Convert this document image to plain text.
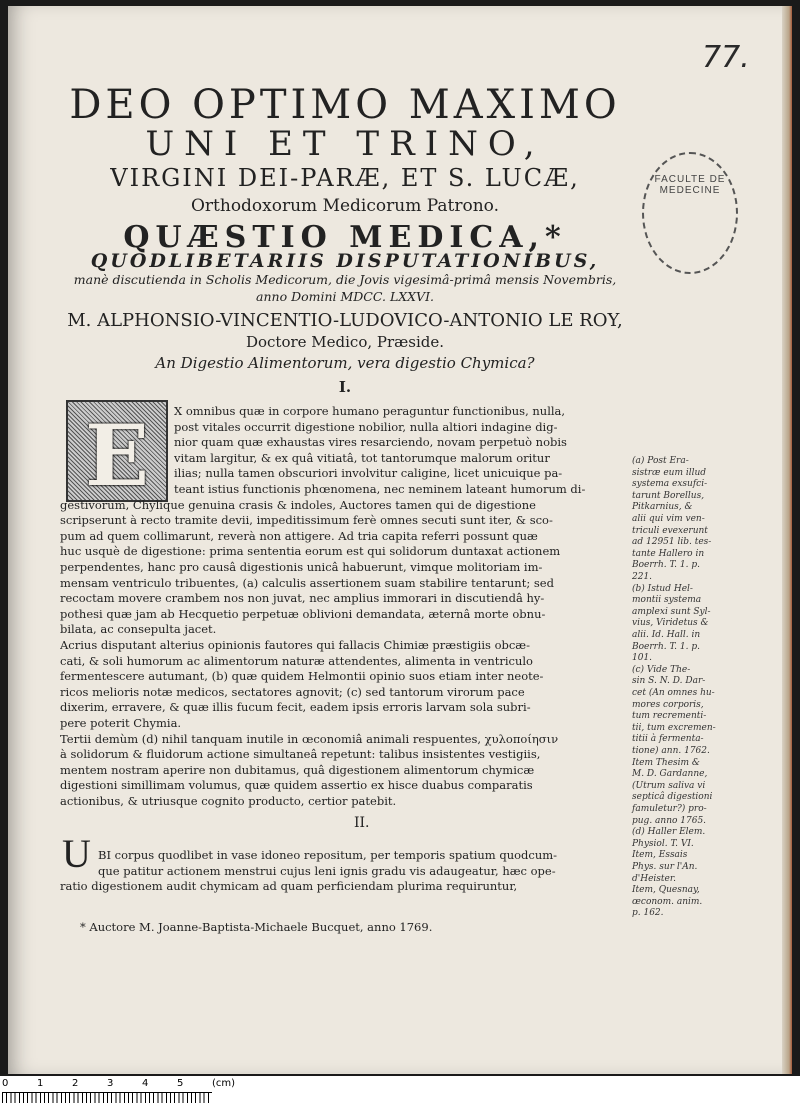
77.
FACULTE DE MEDECINE
DEO OPTIMO MAXIMO
UNI ET TRINO,
VIRGINI DEI-PARÆ, ET S. LUCÆ,
Orthodoxorum Medicorum Patrono.
QUÆSTIO MEDICA,*
QUODLIBETARIIS DISPUTATIONIBUS,
manè discutienda in Scholis Medicorum, die Jovis vigesimâ-primâ mensis Novembris,
anno Domini MDCC. LXXVI.
M. ALPHONSIO-VINCENTIO-LUDOVICO-ANTONIO LE ROY,
Doctore Medico, Præside.
An Digestio Alimentorum, vera digestio Chymica?
I.
E	X omnibus quæ in corpore humano peraguntur functionibus, nulla,
post vitales occurrit digestione nobilior, nulla altiori indagine dig-
nior quam quæ exhaustas vires resarciendo, novam perpetuò nobis
vitam largitur, & ex quâ vitiatâ, tot tantorumque malorum oritur
ilias; nulla tamen obscuriori involvitur caligine, licet unicuique pa-
teant istius functionis phœnomena, nec neminem lateant humorum di-
gestivorum, Chylique genuina crasis & indoles, Auctores tamen qui de digestione
scripserunt à recto tramite devii, impeditissimum ferè omnes secuti sunt iter, & sco-
pum ad quem collimarunt, reverà non attigere. Ad tria capita referri possunt quæ
huc usquè de digestione: prima sententia eorum est qui solidorum duntaxat actionem
perpendentes, hanc pro causâ digestionis unicâ habuerunt, vimque molitoriam im-
mensam ventriculo tribuentes, (a) calculis assertionem suam stabilire tentarunt; sed
recoctam movere crambem nos non juvat, nec amplius immorari in discutiendâ hy-
pothesi quæ jam ab Hecquetio perpetuæ oblivioni demandata, æternâ morte obnu-
bilata, ac consepulta jacet.
Acrius disputant alterius opinionis fautores qui fallacis Chimiæ præstigiis obcæ-
cati, & soli humorum ac alimentorum naturæ attendentes, alimenta in ventriculo
fermentescere autumant, (b) quæ quidem Helmontii opinio suos etiam inter neote-
ricos melioris notæ medicos, sectatores agnovit; (c) sed tantorum virorum pace
dixerim, erravere, & quæ illis fucum fecit, eadem ipsis erroris larvam sola subri-
pere poterit Chymia.
Tertii demùm (d) nihil tanquam inutile in œconomiâ animali respuentes, χυλοποίησιν
à solidorum & fluidorum actione simultaneâ repetunt: talibus insistentes vestigiis,
mentem nostram aperire non dubitamus, quâ digestionem alimentorum chymicæ
digestioni simillimam volumus, quæ quidem assertio ex hisce duabus comparatis
actionibus, & utriusque cognito producto, certior patebit.
II.
U BI corpus quodlibet in vase idoneo repositum, per temporis spatium quodcum-
que patitur actionem menstrui cujus leni ignis gradu vis adaugeatur, hæc ope-
ratio digestionem audit chymicam ad quam perficiendam plurima requiruntur,
* Auctore M. Joanne-Baptista-Michaele Bucquet, anno 1769.
(a) Post Era-
sistræ eum illud
systema exsufci-
tarunt Borellus,
Pitkarnius, &
alii qui vim ven-
triculi evexerunt
ad 12951 lib. tes-
tante Hallero in
Boerrh. T. 1. p.
221.
(b) Istud Hel-
montii systema
amplexi sunt Syl-
vius, Viridetus &
alii. Id. Hall. in
Boerrh. T. 1. p.
101.
(c) Vide The-
sin S. N. D. Dar-
cet (An omnes hu-
mores corporis,
tum recrementi-
tii, tum excremen-
titii à fermenta-
tione) ann. 1762.
Item Thesim &
M. D. Gardanne,
(Utrum saliva vi
septicâ digestioni
famuletur?) pro-
pug. anno 1765.
(d) Haller Elem.
Physiol. T. VI.
Item, Essais
Phys. sur l'An.
d'Heister.
Item, Quesnay,
œconom. anim.
p. 162.
0	1	2	3	4	5	(cm)
